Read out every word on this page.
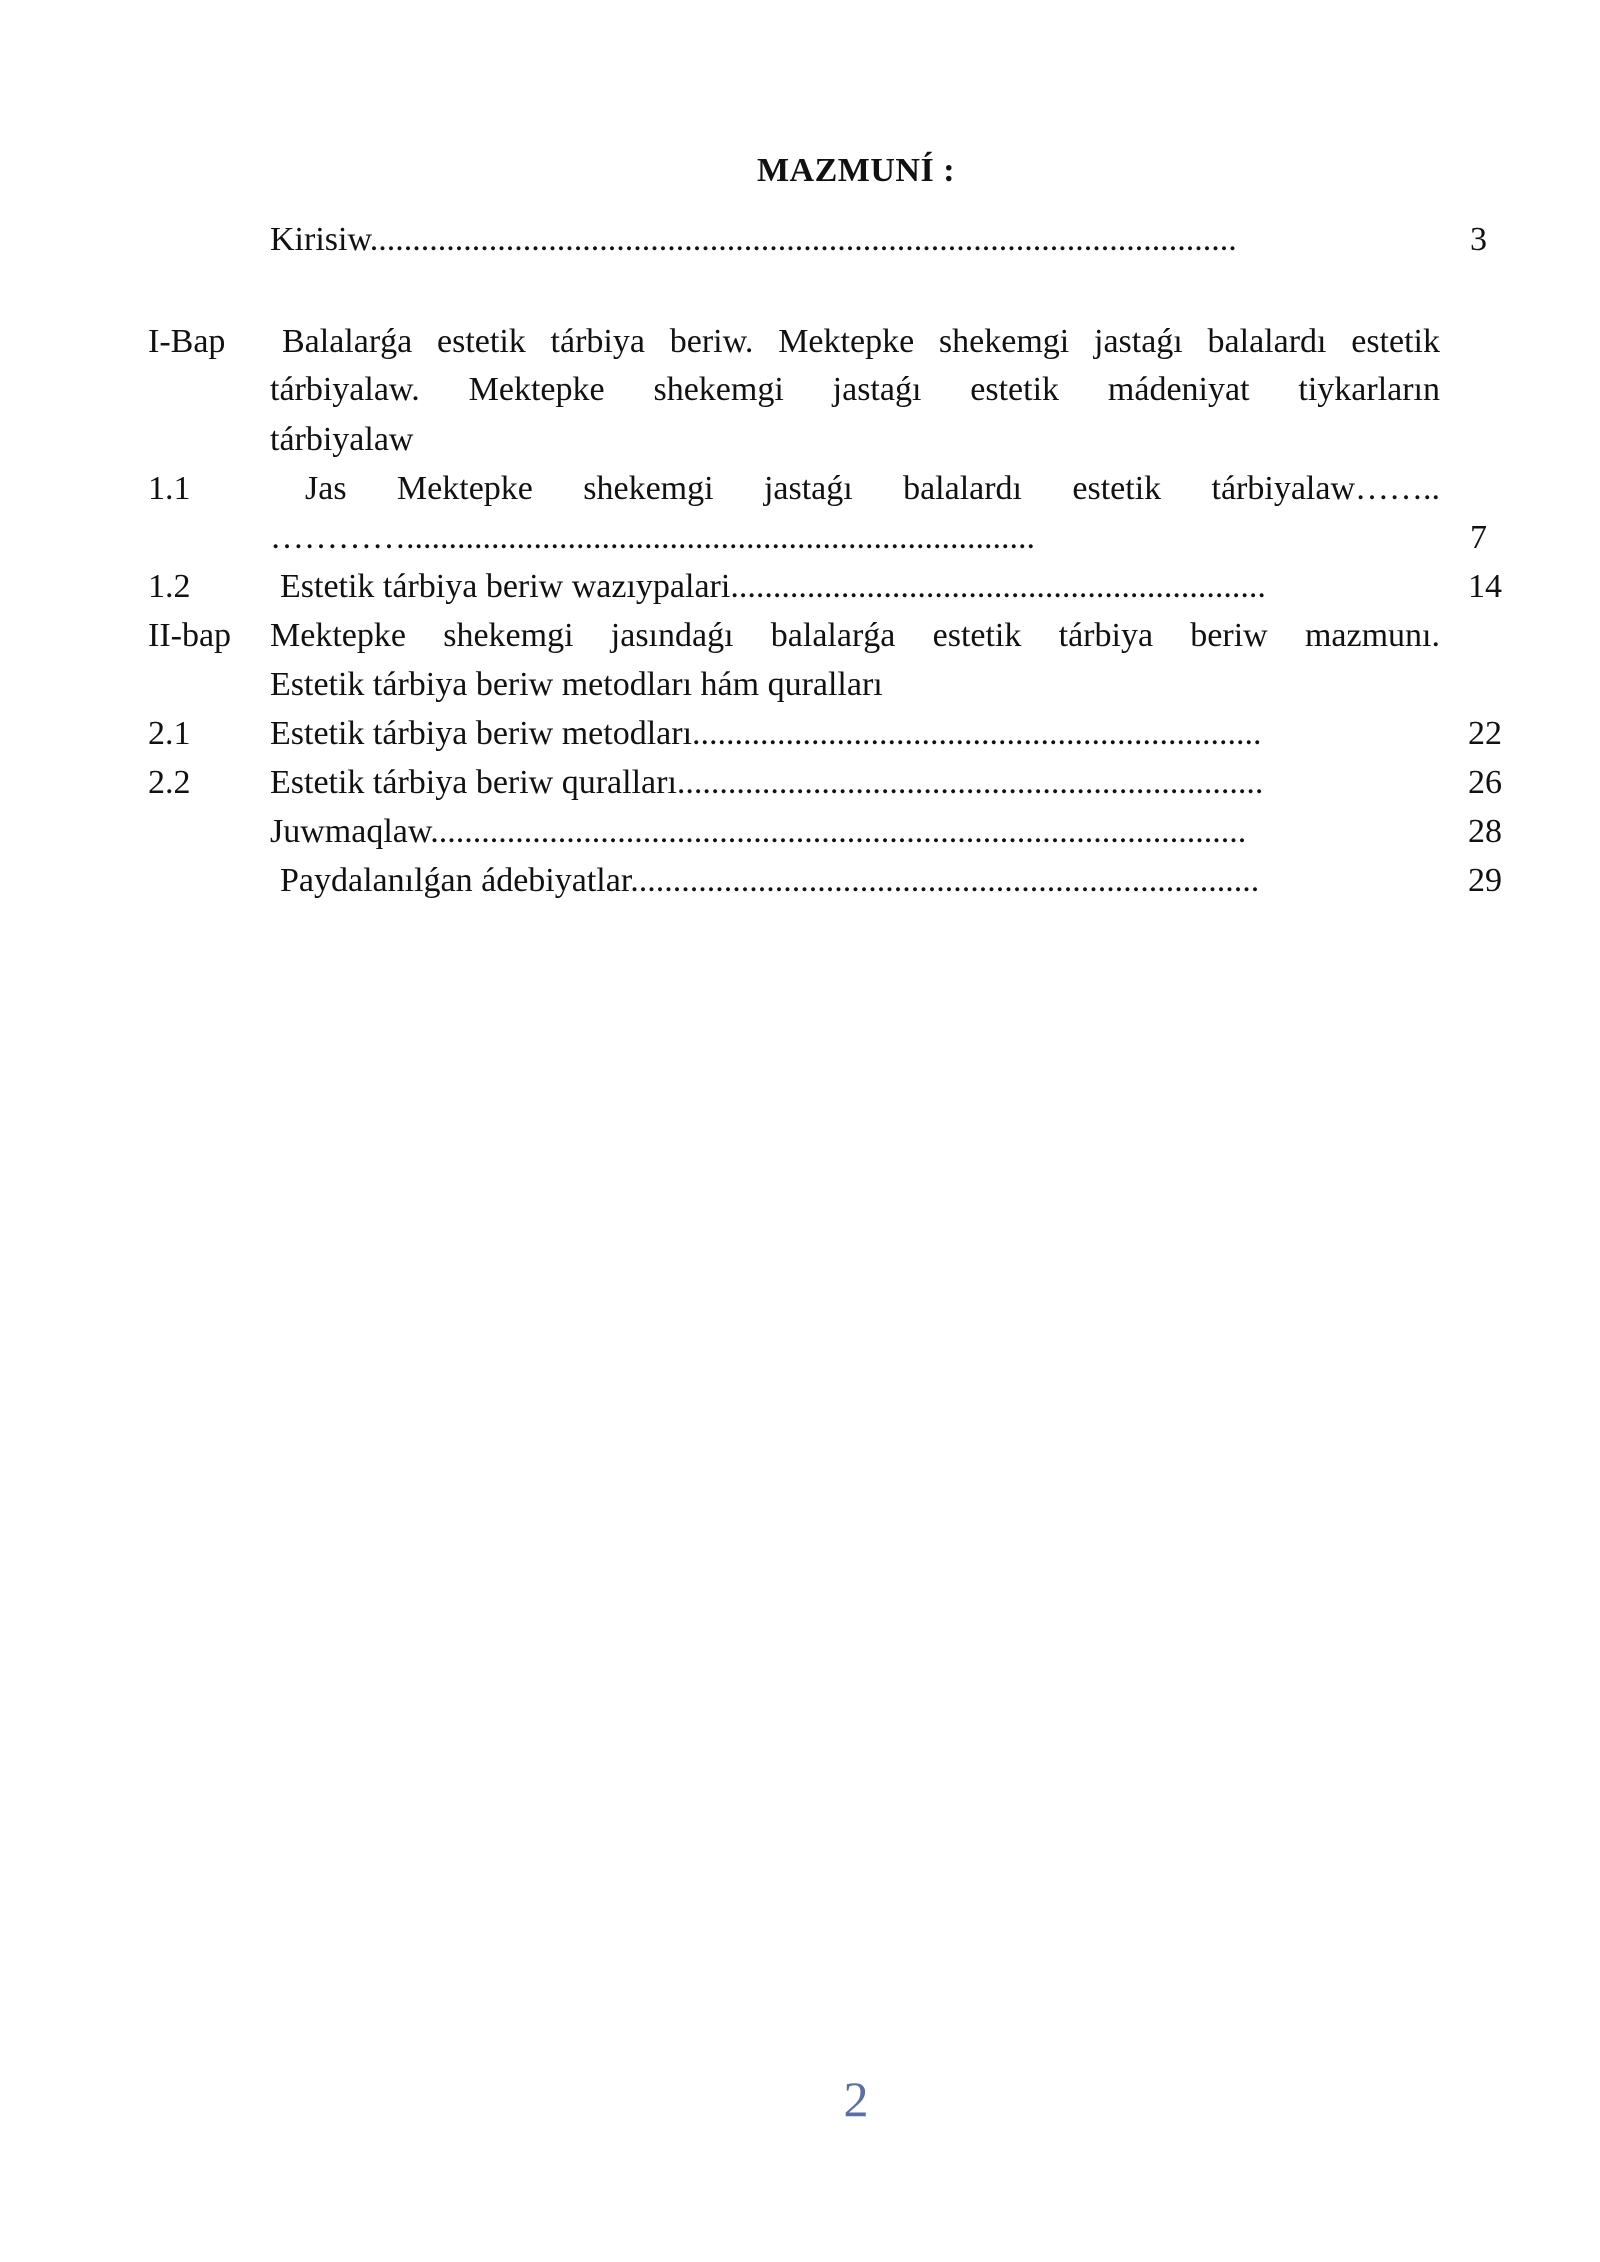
MAZMUNÍ :
Kirisiw......................................................................................................	3
I-Bap Balalarǵa estetik tárbiya beriw. Mektepke shekemgi jastaǵı balalardı estetik
tárbiyalaw. Mektepke shekemgi jastaǵı estetik mádeniyat tiykarların
tárbiyalaw
1.1	Jas Mektepke shekemgi jastaǵı balalardı estetik tárbiyalaw……..
…………..........................................................................	7
1.2	Estetik tárbiya beriw wazıypalari...............................................................	14
II-bap Mektepke shekemgi jasındaǵı balalarǵa estetik tárbiya beriw mazmunı.
Estetik tárbiya beriw metodları hám quralları
2.1 Estetik tárbiya beriw metodları...................................................................	22
2.2 Estetik tárbiya beriw quralları.....................................................................	26
Juwmaqlaw................................................................................................	28
Paydalanılǵan ádebiyatlar..........................................................................	29
2
